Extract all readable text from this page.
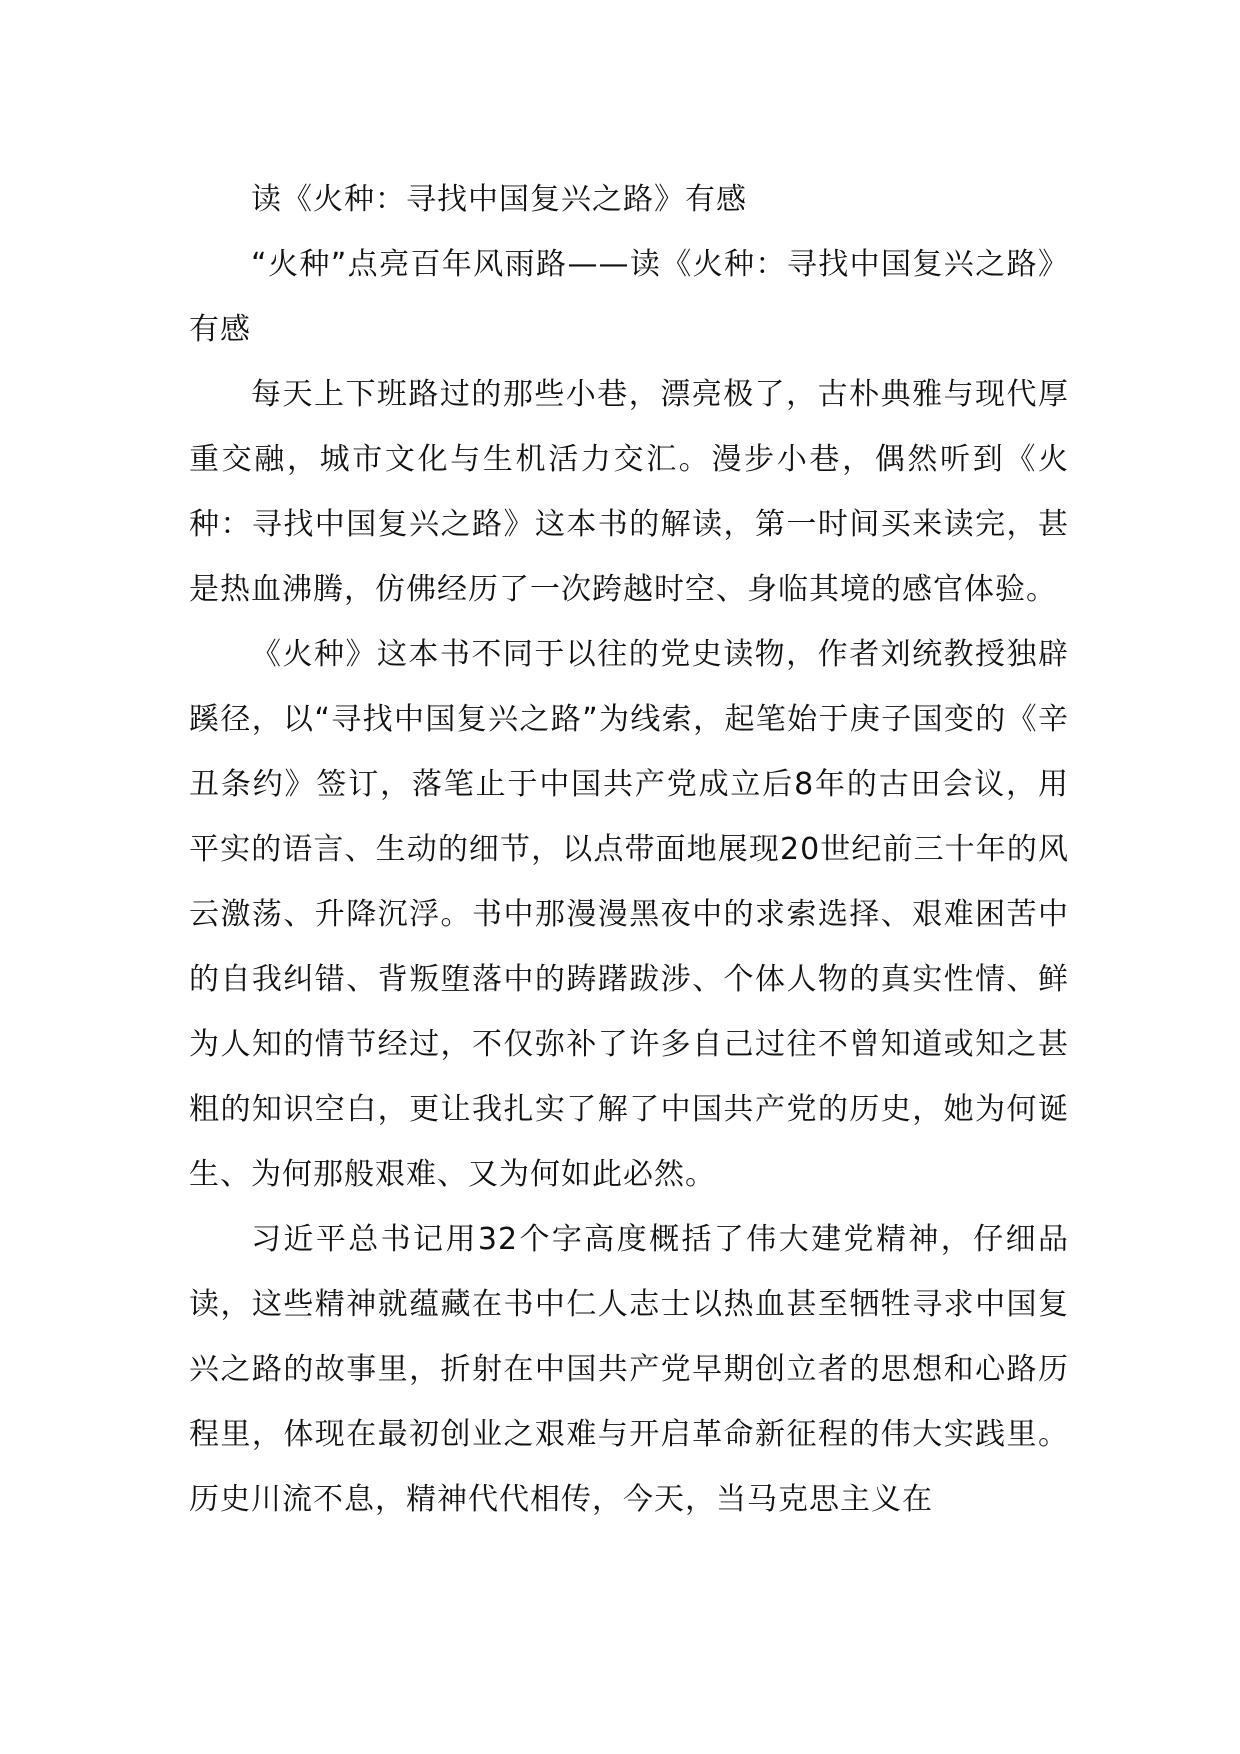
读《火种：寻找中国复兴之路》有感

“火种”点亮百年风雨路——读《火种：寻找中国复兴之路》有感

每天上下班路过的那些小巷，漂亮极了，古朴典雅与现代厚重交融，城市文化与生机活力交汇。漫步小巷，偶然听到《火种：寻找中国复兴之路》这本书的解读，第一时间买来读完，甚是热血沸腾，仿佛经历了一次跨越时空、身临其境的感官体验。

《火种》这本书不同于以往的党史读物，作者刘统教授独辟蹊径，以“寻找中国复兴之路”为线索，起笔始于庚子国变的《辛丑条约》签订，落笔止于中国共产党成立后8年的古田会议，用平实的语言、生动的细节，以点带面地展现20世纪前三十年的风云激荡、升降沉浮。书中那漫漫黑夜中的求索选择、艰难困苦中的自我纠错、背叛堕落中的踌躇跋涉、个体人物的真实性情、鲜为人知的情节经过，不仅弥补了许多自己过往不曾知道或知之甚粗的知识空白，更让我扎实了解了中国共产党的历史，她为何诞生、为何那般艰难、又为何如此必然。

习近平总书记用32个字高度概括了伟大建党精神，仔细品读，这些精神就蕴藏在书中仁人志士以热血甚至牺牲寻求中国复兴之路的故事里，折射在中国共产党早期创立者的思想和心路历程里，体现在最初创业之艰难与开启革命新征程的伟大实践里。历史川流不息，精神代代相传，今天，当马克思主义在
